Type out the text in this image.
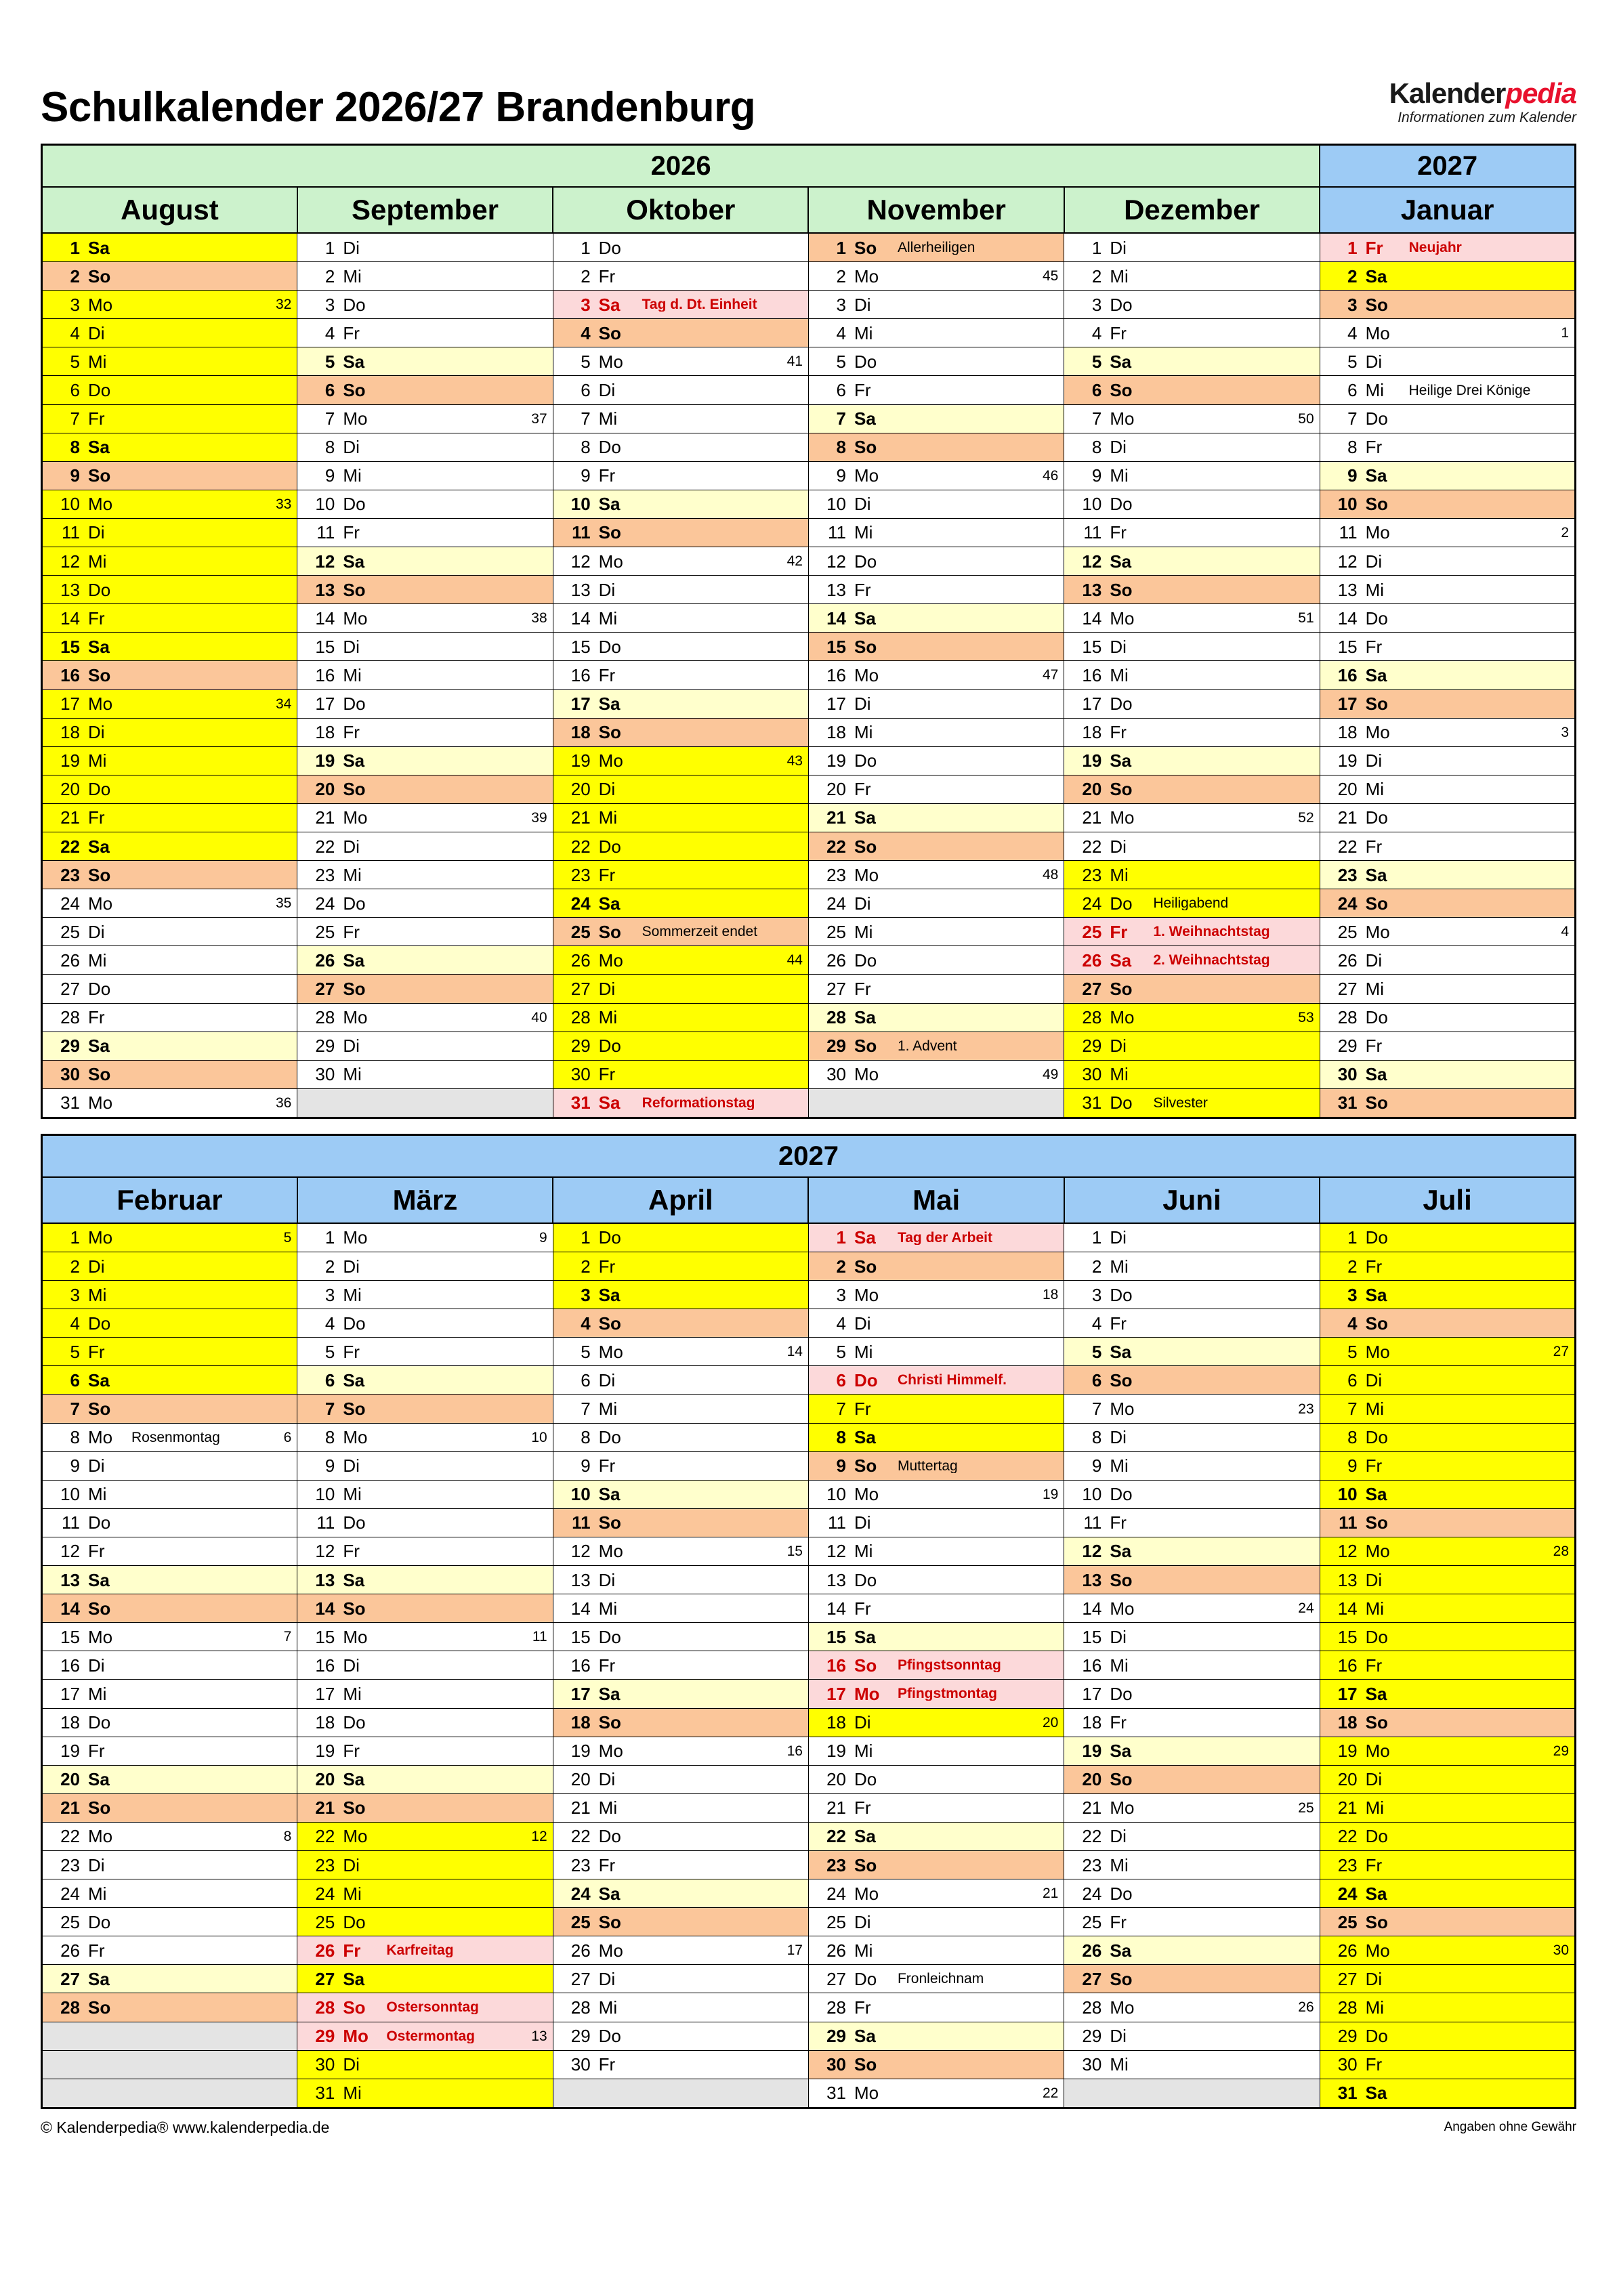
Schulkalender 2026/27 Brandenburg	Kalenderpedia
Informationen zum Kalender
2026					2027
August	September	Oktober	November	Dezember	Januar

1 Sa	1 Di	1 Do	1 So Allerheiligen	1 Di	1 Fr Neujahr

2 So	2 Mi	2 Fr	2 Mo 45	2 Mi	2 Sa

3 Mo 32	3 Do	3 Sa Tag d. Dt. Einheit	3 Di	3 Do	3 So

4 Di	4 Fr	4 So	4 Mi	4 Fr	4 Mo 1

5 Mi	5 Sa	5 Mo 41	5 Do	5 Sa	5 Di

6 Do	6 So	6 Di	6 Fr	6 So	6 Mi Heilige Drei Könige

7 Fr	7 Mo 37	7 Mi	7 Sa	7 Mo 50	7 Do

8 Sa	8 Di	8 Do	8 So	8 Di	8 Fr

9 So	9 Mi	9 Fr	9 Mo 46	9 Mi	9 Sa

10 Mo 33	10 Do	10 Sa	10 Di	10 Do	10 So

11 Di	11 Fr	11 So	11 Mi	11 Fr	11 Mo 2

12 Mi	12 Sa	12 Mo 42	12 Do	12 Sa	12 Di

13 Do	13 So	13 Di	13 Fr	13 So	13 Mi

14 Fr	14 Mo 38	14 Mi	14 Sa	14 Mo 51	14 Do

15 Sa	15 Di	15 Do	15 So	15 Di	15 Fr

16 So	16 Mi	16 Fr	16 Mo 47	16 Mi	16 Sa

17 Mo 34	17 Do	17 Sa	17 Di	17 Do	17 So

18 Di	18 Fr	18 So	18 Mi	18 Fr	18 Mo 3

19 Mi	19 Sa	19 Mo 43	19 Do	19 Sa	19 Di

20 Do	20 So	20 Di	20 Fr	20 So	20 Mi

21 Fr	21 Mo 39	21 Mi	21 Sa	21 Mo 52	21 Do

22 Sa	22 Di	22 Do	22 So	22 Di	22 Fr

23 So	23 Mi	23 Fr	23 Mo 48	23 Mi	23 Sa

24 Mo 35	24 Do	24 Sa	24 Di	24 Do Heiligabend	24 So

25 Di	25 Fr	25 So Sommerzeit endet	25 Mi	25 Fr 1. Weihnachtstag	25 Mo 4

26 Mi	26 Sa	26 Mo 44	26 Do	26 Sa 2. Weihnachtstag	26 Di

27 Do	27 So	27 Di	27 Fr	27 So	27 Mi

28 Fr	28 Mo 40	28 Mi	28 Sa	28 Mo 53	28 Do

29 Sa	29 Di	29 Do	29 So 1. Advent	29 Di	29 Fr

30 So	30 Mi	30 Fr	30 Mo 49	30 Mi	30 Sa

31 Mo 36		31 Sa Reformationstag		31 Do Silvester	31 So
2027					
Februar	März	April	Mai	Juni	Juli

1 Mo 5	1 Mo 9	1 Do	1 Sa Tag der Arbeit	1 Di	1 Do

2 Di	2 Di	2 Fr	2 So	2 Mi	2 Fr

3 Mi	3 Mi	3 Sa	3 Mo 18	3 Do	3 Sa

4 Do	4 Do	4 So	4 Di	4 Fr	4 So

5 Fr	5 Fr	5 Mo 14	5 Mi	5 Sa	5 Mo 27

6 Sa	6 Sa	6 Di	6 Do Christi Himmelf.	6 So	6 Di

7 So	7 So	7 Mi	7 Fr	7 Mo 23	7 Mi

8 Mo Rosenmontag 6	8 Mo 10	8 Do	8 Sa	8 Di	8 Do

9 Di	9 Di	9 Fr	9 So Muttertag	9 Mi	9 Fr

10 Mi	10 Mi	10 Sa	10 Mo 19	10 Do	10 Sa

11 Do	11 Do	11 So	11 Di	11 Fr	11 So

12 Fr	12 Fr	12 Mo 15	12 Mi	12 Sa	12 Mo 28

13 Sa	13 Sa	13 Di	13 Do	13 So	13 Di

14 So	14 So	14 Mi	14 Fr	14 Mo 24	14 Mi

15 Mo 7	15 Mo 11	15 Do	15 Sa	15 Di	15 Do

16 Di	16 Di	16 Fr	16 So Pfingstsonntag	16 Mi	16 Fr

17 Mi	17 Mi	17 Sa	17 Mo Pfingstmontag	17 Do	17 Sa

18 Do	18 Do	18 So	18 Di 20	18 Fr	18 So

19 Fr	19 Fr	19 Mo 16	19 Mi	19 Sa	19 Mo 29

20 Sa	20 Sa	20 Di	20 Do	20 So	20 Di

21 So	21 So	21 Mi	21 Fr	21 Mo 25	21 Mi

22 Mo 8	22 Mo 12	22 Do	22 Sa	22 Di	22 Do

23 Di	23 Di	23 Fr	23 So	23 Mi	23 Fr

24 Mi	24 Mi	24 Sa	24 Mo 21	24 Do	24 Sa

25 Do	25 Do	25 So	25 Di	25 Fr	25 So

26 Fr	26 Fr Karfreitag	26 Mo 17	26 Mi	26 Sa	26 Mo 30

27 Sa	27 Sa	27 Di	27 Do Fronleichnam	27 So	27 Di

28 So	28 So Ostersonntag	28 Mi	28 Fr	28 Mo 26	28 Mi

	29 Mo Ostermontag 13	29 Do	29 Sa	29 Di	29 Do

	30 Di	30 Fr	30 So	30 Mi	30 Fr

	31 Mi		31 Mo 22		31 Sa
© Kalenderpedia® www.kalenderpedia.de	Angaben ohne Gewähr
